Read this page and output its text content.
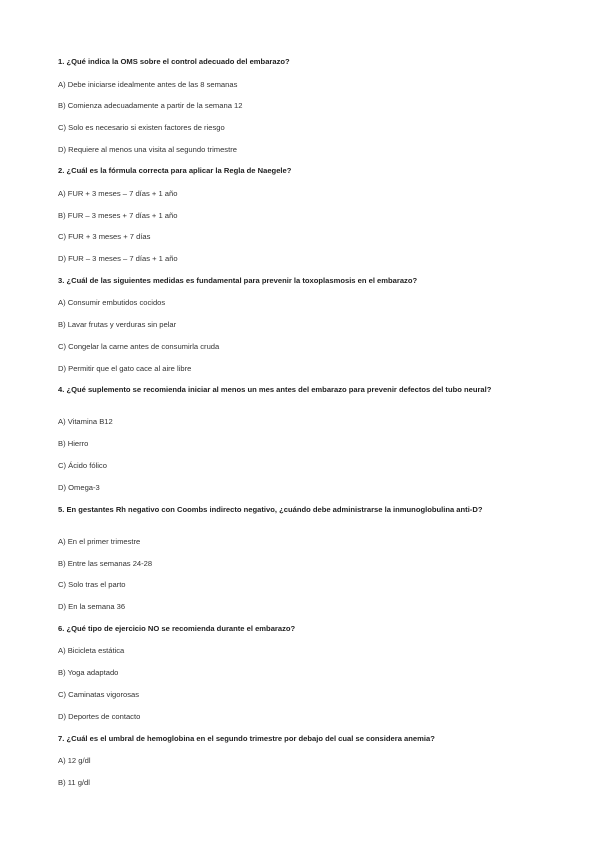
1. ¿Qué indica la OMS sobre el control adecuado del embarazo?
A) Debe iniciarse idealmente antes de las 8 semanas
B) Comienza adecuadamente a partir de la semana 12
C) Solo es necesario si existen factores de riesgo
D) Requiere al menos una visita al segundo trimestre
2. ¿Cuál es la fórmula correcta para aplicar la Regla de Naegele?
A) FUR + 3 meses – 7 días + 1 año
B) FUR – 3 meses + 7 días + 1 año
C) FUR + 3 meses + 7 días
D) FUR – 3 meses – 7 días + 1 año
3. ¿Cuál de las siguientes medidas es fundamental para prevenir la toxoplasmosis en el embarazo?
A) Consumir embutidos cocidos
B) Lavar frutas y verduras sin pelar
C) Congelar la carne antes de consumirla cruda
D) Permitir que el gato cace al aire libre
4. ¿Qué suplemento se recomienda iniciar al menos un mes antes del embarazo para prevenir defectos del tubo neural?
A) Vitamina B12
B) Hierro
C) Ácido fólico
D) Omega-3
5. En gestantes Rh negativo con Coombs indirecto negativo, ¿cuándo debe administrarse la inmunoglobulina anti-D?
A) En el primer trimestre
B) Entre las semanas 24-28
C) Solo tras el parto
D) En la semana 36
6. ¿Qué tipo de ejercicio NO se recomienda durante el embarazo?
A) Bicicleta estática
B) Yoga adaptado
C) Caminatas vigorosas
D) Deportes de contacto
7. ¿Cuál es el umbral de hemoglobina en el segundo trimestre por debajo del cual se considera anemia?
A) 12 g/dl
B) 11 g/dl
